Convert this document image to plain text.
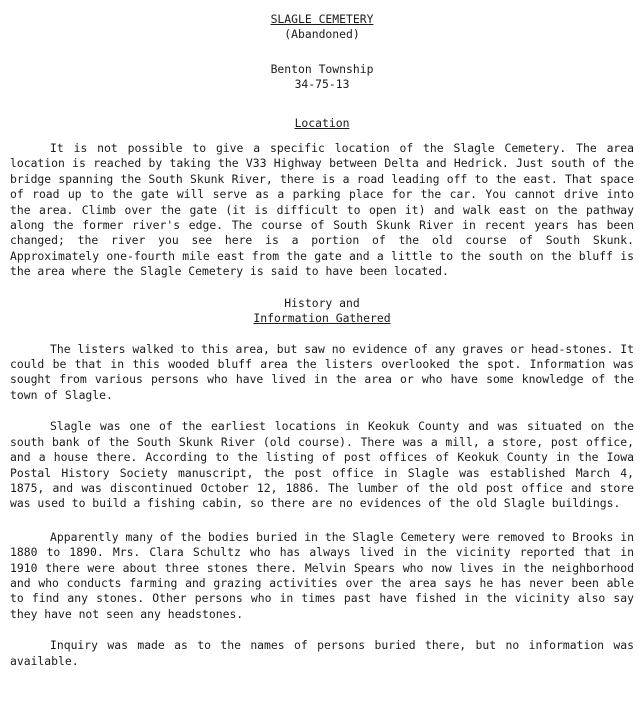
SLAGLE CEMETERY
(Abandoned)
Benton Township
34-75-13
Location

It is not possible to give a specific location of the Slagle Cemetery. The area location is reached by taking the V33 Highway between Delta and Hedrick. Just south of the bridge spanning the South Skunk River, there is a road leading off to the east. That space of road up to the gate will serve as a parking place for the car. You cannot drive into the area. Climb over the gate (it is difficult to open it) and walk east on the pathway along the former river's edge. The course of South Skunk River in recent years has been changed; the river you see here is a portion of the old course of South Skunk. Approximately one-fourth mile east from the gate and a little to the south on the bluff is the area where the Slagle Cemetery is said to have been located.

History and
Information Gathered

The listers walked to this area, but saw no evidence of any graves or head-stones. It could be that in this wooded bluff area the listers overlooked the spot. Information was sought from various persons who have lived in the area or who have some knowledge of the town of Slagle.

Slagle was one of the earliest locations in Keokuk County and was situated on the south bank of the South Skunk River (old course). There was a mill, a store, post office, and a house there. According to the listing of post offices of Keokuk County in the Iowa Postal History Society manuscript, the post office in Slagle was established March 4, 1875, and was discontinued October 12, 1886. The lumber of the old post office and store was used to build a fishing cabin, so there are no evidences of the old Slagle buildings.

Apparently many of the bodies buried in the Slagle Cemetery were removed to Brooks in 1880 to 1890. Mrs. Clara Schultz who has always lived in the vicinity reported that in 1910 there were about three stones there. Melvin Spears who now lives in the neighborhood and who conducts farming and grazing activities over the area says he has never been able to find any stones. Other persons who in times past have fished in the vicinity also say they have not seen any headstones.

Inquiry was made as to the names of persons buried there, but no information was available.
